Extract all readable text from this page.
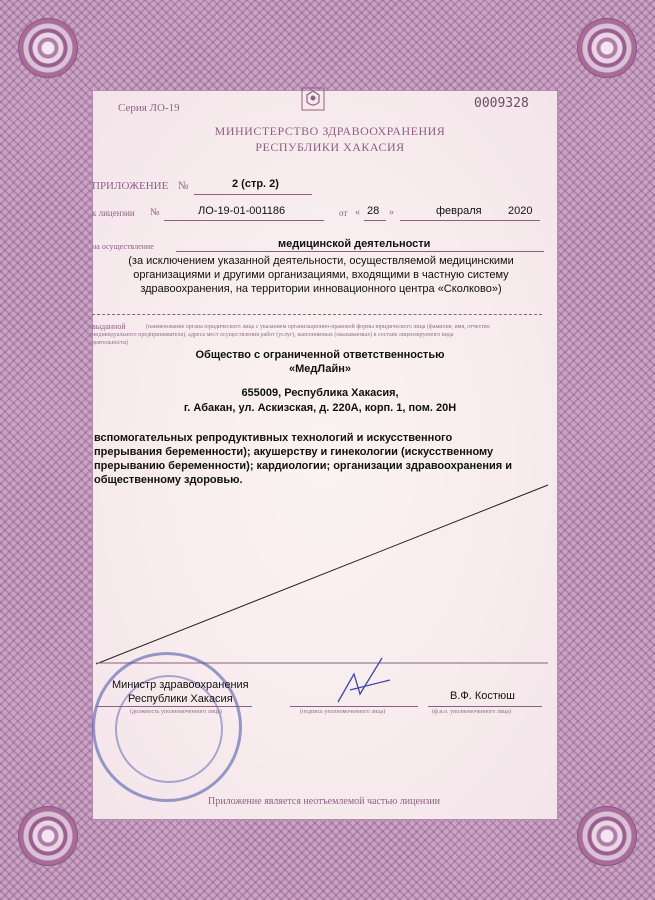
Серия ЛО-19	0009328
МИНИСТЕРСТВО ЗДРАВООХРАНЕНИЯ
РЕСПУБЛИКИ ХАКАСИЯ
ПРИЛОЖЕНИЕ №	2 (стр. 2)
к лицензии №	ЛО-19-01-001186	от « 28 »	февраля 2020
на осуществление	медицинской деятельности
(за исключением указанной деятельности, осуществляемой медицинскими
организациями и другими организациями, входящими в частную систему
здравоохранения, на территории инновационного центра «Сколково»)
выданной	(наименование органа юридического лица с указанием организационно-правовой формы юридического лица (фамилия, имя, отчество
индивидуального предпринимателя), адреса мест осуществления работ (услуг), выполняемых (оказываемых) в составе лицензируемого вида
деятельности)
Общество с ограниченной ответственностью
«МедЛайн»
655009, Республика Хакасия,
г. Абакан, ул. Аскизская, д. 220А, корп. 1, пом. 20Н
вспомогательных репродуктивных технологий и искусственного
прерывания беременности); акушерству и гинекологии (искусственному
прерыванию беременности); кардиологии; организации здравоохранения и
общественному здоровью.
Министр здравоохранения
Республики Хакасия
(должность уполномоченного лица)	(подпись уполномоченного лица)
В.Ф. Костюш
(ф.и.о. уполномоченного лица)
Приложение является неотъемлемой частью лицензии
